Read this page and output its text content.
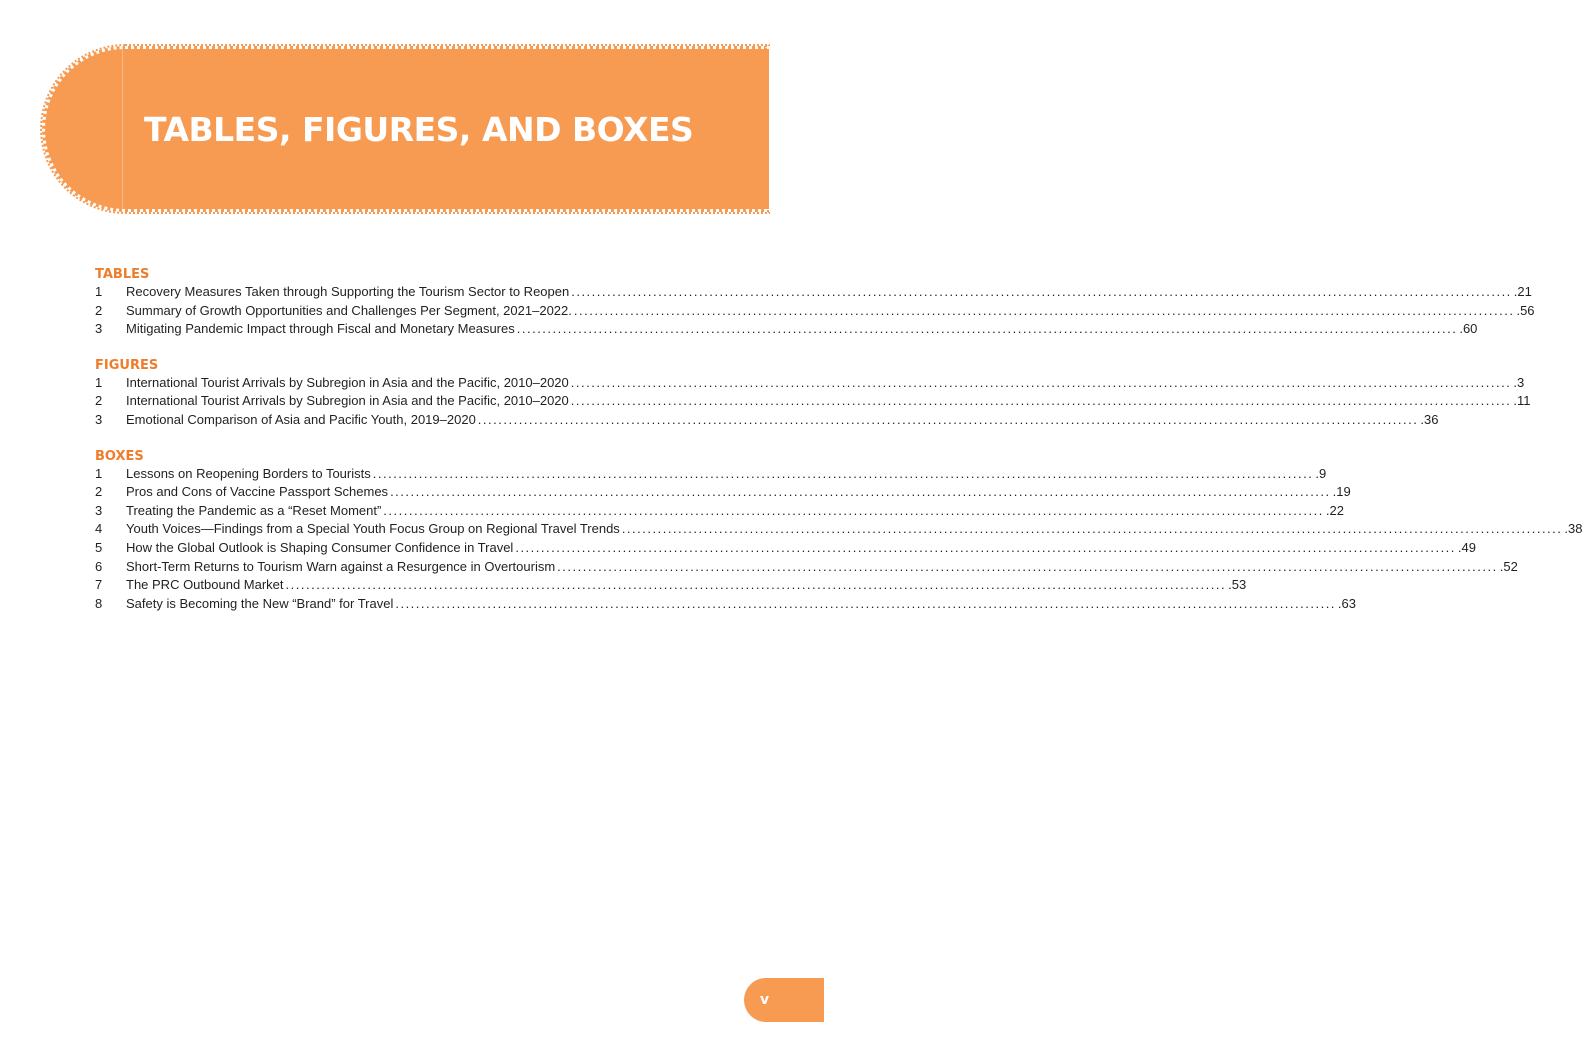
TABLES, FIGURES, AND BOXES
TABLES
1	Recovery Measures Taken through Supporting the Tourism Sector to Reopen .....	.21
2	Summary of Growth Opportunities and Challenges Per Segment, 2021–2022. .....	.56
3	Mitigating Pandemic Impact through Fiscal and Monetary Measures .....	.60
FIGURES
1	International Tourist Arrivals by Subregion in Asia and the Pacific, 2010–2020 .....	.3
2	International Tourist Arrivals by Subregion in Asia and the Pacific, 2010–2020 .....	.11
3	Emotional Comparison of Asia and Pacific Youth, 2019–2020 .....	.36
BOXES
1	Lessons on Reopening Borders to Tourists .....	.9
2	Pros and Cons of Vaccine Passport Schemes .....	.19
3	Treating the Pandemic as a “Reset Moment” .....	.22
4	Youth Voices—Findings from a Special Youth Focus Group on Regional Travel Trends .....	.38
5	How the Global Outlook is Shaping Consumer Confidence in Travel .....	.49
6	Short-Term Returns to Tourism Warn against a Resurgence in Overtourism .....	.52
7	The PRC Outbound Market .....	.53
8	Safety is Becoming the New “Brand” for Travel .....	.63
v
